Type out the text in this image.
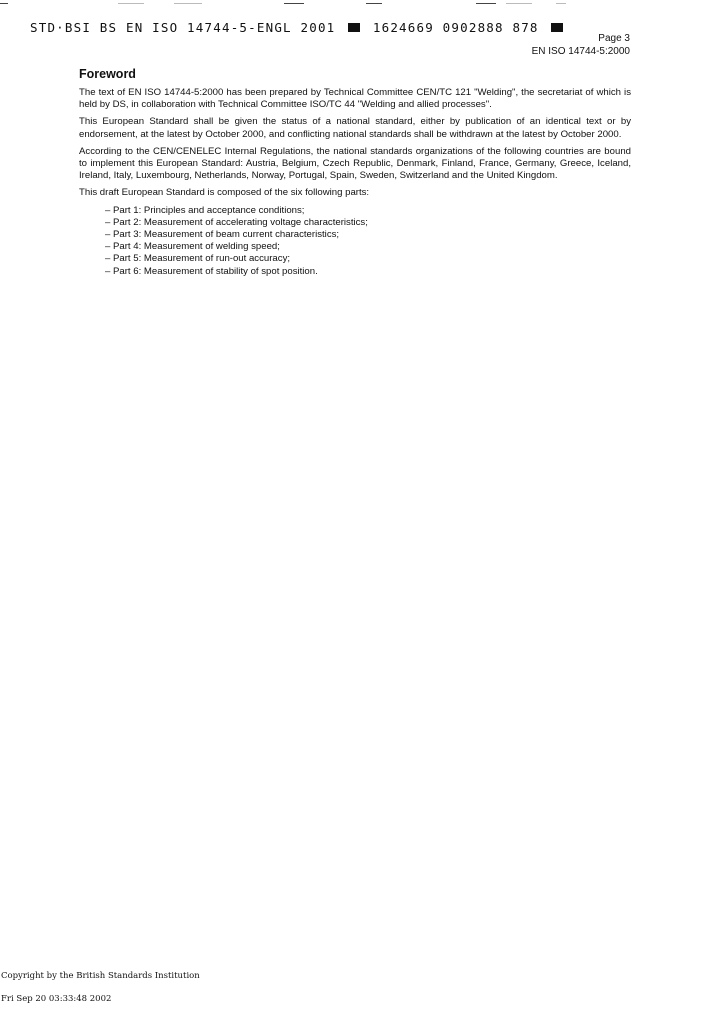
STD·BSI BS EN ISO 14744-5-ENGL 2001	1624669 0902888 878
Page 3
EN ISO 14744-5:2000
Foreword

The text of EN ISO 14744-5:2000 has been prepared by Technical Committee CEN/TC 121 "Welding", the secretariat of which is held by DS, in collaboration with Technical Committee ISO/TC 44 "Welding and allied processes".

This European Standard shall be given the status of a national standard, either by publication of an identical text or by endorsement, at the latest by October 2000, and conflicting national standards shall be withdrawn at the latest by October 2000.

According to the CEN/CENELEC Internal Regulations, the national standards organizations of the following countries are bound to implement this European Standard: Austria, Belgium, Czech Republic, Denmark, Finland, France, Germany, Greece, Iceland, Ireland, Italy, Luxembourg, Netherlands, Norway, Portugal, Spain, Sweden, Switzerland and the United Kingdom.

This draft European Standard is composed of the six following parts:

– Part 1: Principles and acceptance conditions;
– Part 2: Measurement of accelerating voltage characteristics;
– Part 3: Measurement of beam current characteristics;
– Part 4: Measurement of welding speed;
– Part 5: Measurement of run-out accuracy;
– Part 6: Measurement of stability of spot position.
Copyright by the British Standards Institution
Fri Sep 20 03:33:48 2002
